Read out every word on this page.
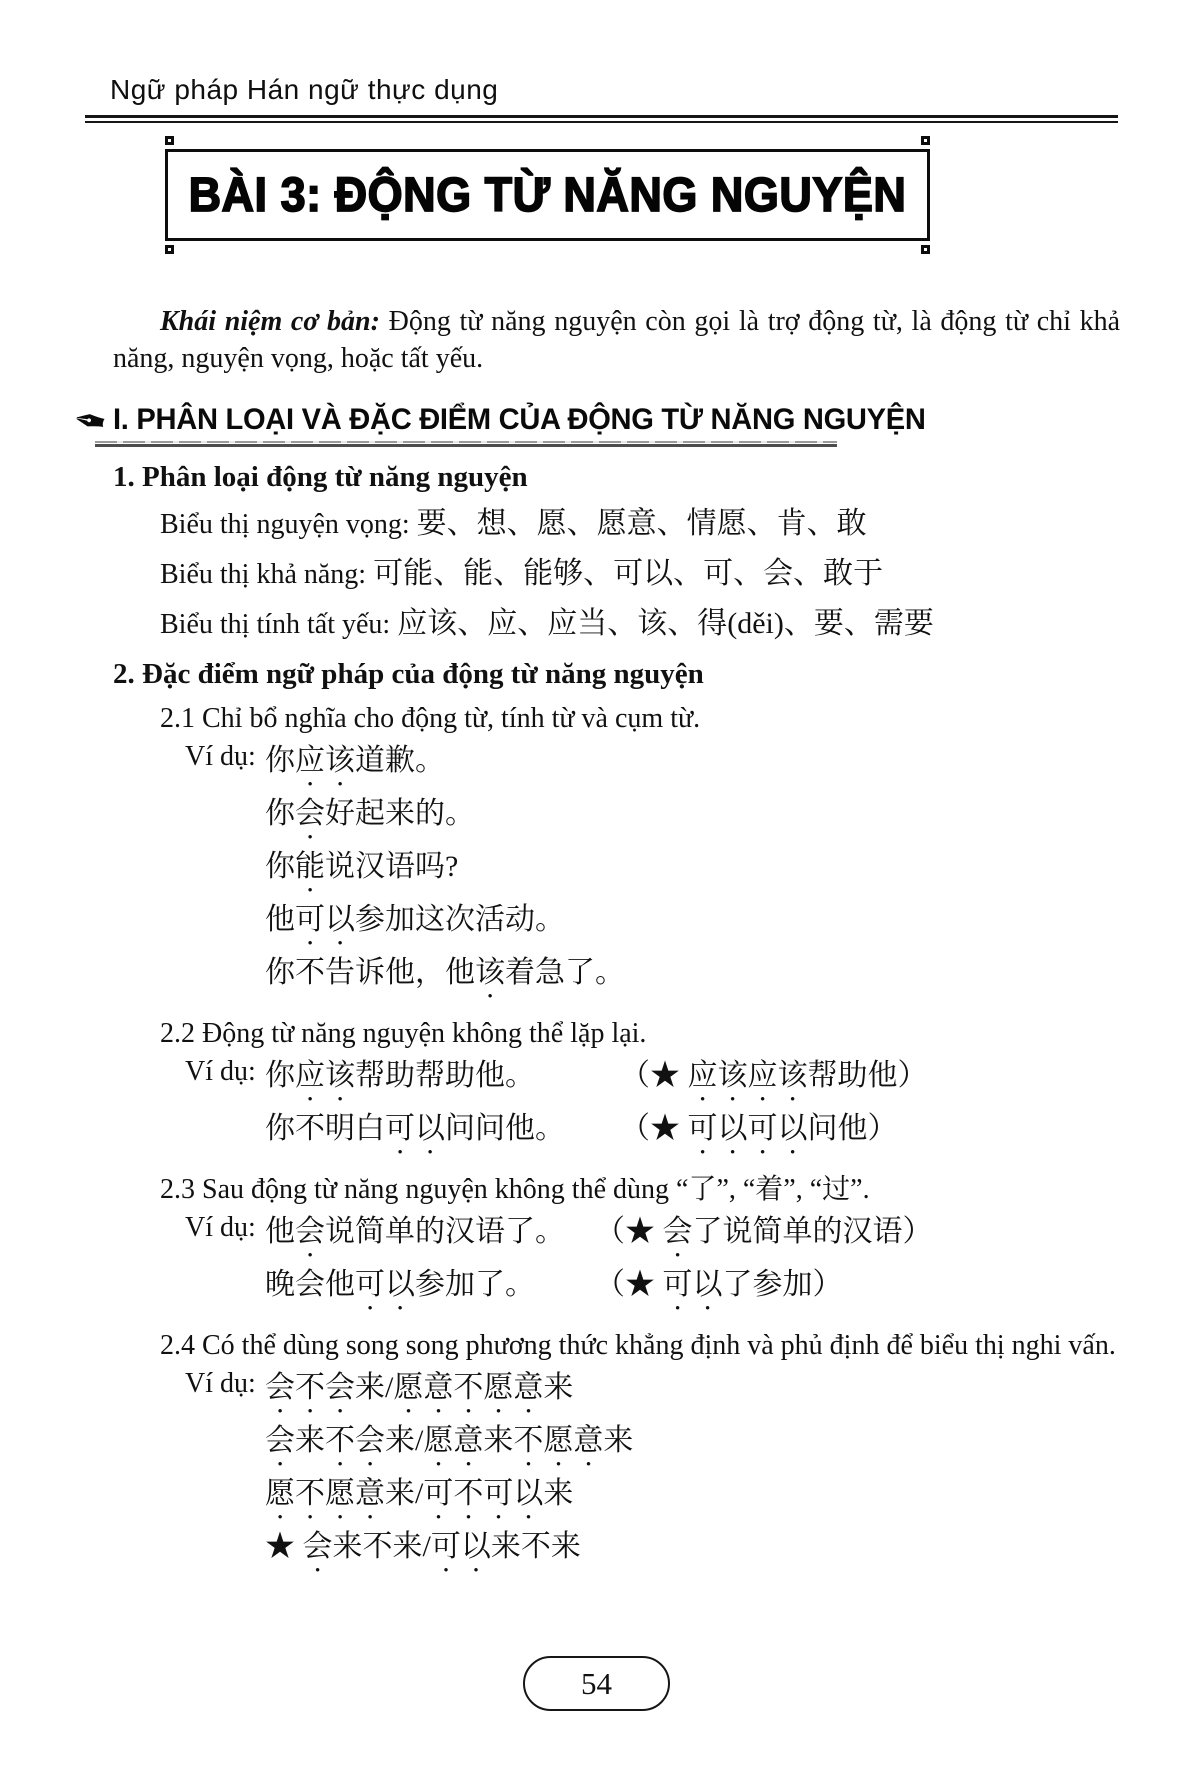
Ngữ pháp Hán ngữ thực dụng
BÀI 3: ĐỘNG TỪ NĂNG NGUYỆN

Khái niệm cơ bản: Động từ năng nguyện còn gọi là trợ động từ, là động từ chỉ khả năng, nguyện vọng, hoặc tất yếu.

✒ I. PHÂN LOẠI VÀ ĐẶC ĐIỂM CỦA ĐỘNG TỪ NĂNG NGUYỆN
1. Phân loại động từ năng nguyện
Biểu thị nguyện vọng: 要、想、愿、愿意、情愿、肯、敢
Biểu thị khả năng: 可能、能、能够、可以、可、会、敢于
Biểu thị tính tất yếu: 应该、应、应当、该、得(děi)、要、需要
2. Đặc điểm ngữ pháp của động từ năng nguyện

2.1 Chỉ bổ nghĩa cho động từ, tính từ và cụm từ.

Ví dụ: 你应该道歉。
你会好起来的。
你能说汉语吗?
他可以参加这次活动。
你不告诉他，他该着急了。

2.2 Động từ năng nguyện không thể lặp lại.

Ví dụ: 你应该帮助帮助他。	（★ 应该应该帮助他）
你不明白可以问问他。	（★ 可以可以问他）

2.3 Sau động từ năng nguyện không thể dùng “了”, “着”, “过”.

Ví dụ: 他会说简单的汉语了。	（★ 会了说简单的汉语）
晚会他可以参加了。	（★ 可以了参加）

2.4 Có thể dùng song song phương thức khẳng định và phủ định để biểu thị nghi vấn.

Ví dụ: 会不会来/愿意不愿意来
会来不会来/愿意来不愿意来
愿不愿意来/可不可以来
★ 会来不来/可以来不来
54
